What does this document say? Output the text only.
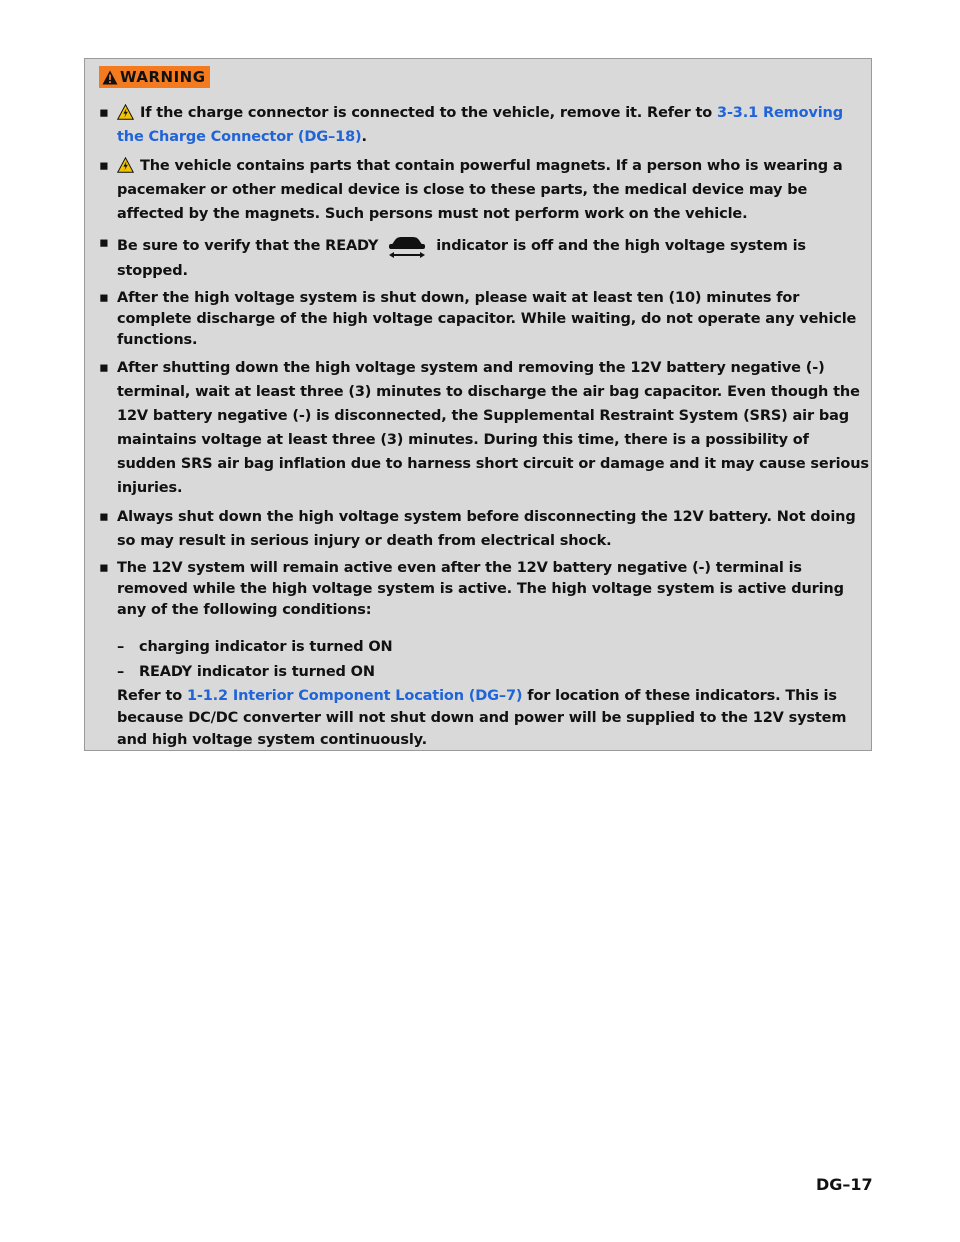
WARNING
▪ If the charge connector is connected to the vehicle, remove it. Refer to 3-3.1 Removing the Charge Connector (DG–18).
▪ The vehicle contains parts that contain powerful magnets. If a person who is wearing a pacemaker or other medical device is close to these parts, the medical device may be affected by the magnets. Such persons must not perform work on the vehicle.
▪ Be sure to verify that the READY	indicator is off and the high voltage system is stopped.
▪ After the high voltage system is shut down, please wait at least ten (10) minutes for complete discharge of the high voltage capacitor. While waiting, do not operate any vehicle functions.
▪ After shutting down the high voltage system and removing the 12V battery negative (-) terminal, wait at least three (3) minutes to discharge the air bag capacitor. Even though the 12V battery negative (-) is disconnected, the Supplemental Restraint System (SRS) air bag maintains voltage at least three (3) minutes. During this time, there is a possibility of sudden SRS air bag inflation due to harness short circuit or damage and it may cause serious injuries.
▪ Always shut down the high voltage system before disconnecting the 12V battery. Not doing so may result in serious injury or death from electrical shock.
▪ The 12V system will remain active even after the 12V battery negative (-) terminal is removed while the high voltage system is active. The high voltage system is active during any of the following conditions:
– charging indicator is turned ON
– READY indicator is turned ON
Refer to 1-1.2 Interior Component Location (DG–7) for location of these indicators. This is because DC/DC converter will not shut down and power will be supplied to the 12V system and high voltage system continuously.
DG–17
